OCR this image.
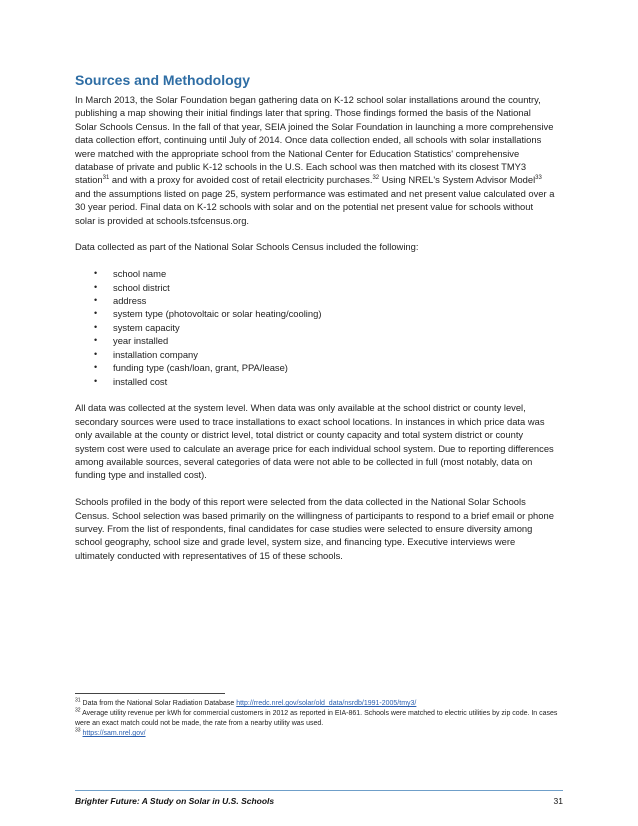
Sources and Methodology

In March 2013, the Solar Foundation began gathering data on K-12 school solar installations around the country, publishing a map showing their initial findings later that spring. Those findings formed the basis of the National Solar Schools Census. In the fall of that year, SEIA joined the Solar Foundation in launching a more comprehensive data collection effort, continuing until July of 2014. Once data collection ended, all schools with solar installations were matched with the appropriate school from the National Center for Education Statistics' comprehensive database of private and public K-12 schools in the U.S. Each school was then matched with its closest TMY3 station$^{31}$ and with a proxy for avoided cost of retail electricity purchases.$^{32}$ Using NREL's System Advisor Model$^{33}$ and the assumptions listed on page 25, system performance was estimated and net present value calculated over a 30 year period. Final data on K-12 schools with solar and on the potential net present value for schools without solar is provided at schools.tsfcensus.org.

Data collected as part of the National Solar Schools Census included the following:

• school name
• school district
• address
• system type (photovoltaic or solar heating/cooling)
• system capacity
• year installed
• installation company
• funding type (cash/loan, grant, PPA/lease)
• installed cost

All data was collected at the system level. When data was only available at the school district or county level, secondary sources were used to trace installations to exact school locations. In instances in which price data was only available at the county or district level, total district or county capacity and total system district or county system cost were used to calculate an average price for each individual school system. Due to reporting differences among available sources, several categories of data were not able to be collected in full (most notably, data on funding type and installed cost).

Schools profiled in the body of this report were selected from the data collected in the National Solar Schools Census. School selection was based primarily on the willingness of participants to respond to a brief email or phone survey. From the list of respondents, final candidates for case studies were selected to ensure diversity among school geography, school size and grade level, system size, and financing type. Executive interviews were ultimately conducted with representatives of 15 of these schools.

$^{31}$ Data from the National Solar Radiation Database http://rredc.nrel.gov/solar/old_data/nsrdb/1991-2005/tmy3/

$^{32}$ Average utility revenue per kWh for commercial customers in 2012 as reported in EIA-861. Schools were matched to electric utilities by zip code. In cases were an exact match could not be made, the rate from a nearby utility was used.

$^{33}$ https://sam.nrel.gov/

Brighter Future: A Study on Solar in U.S. Schools	31
